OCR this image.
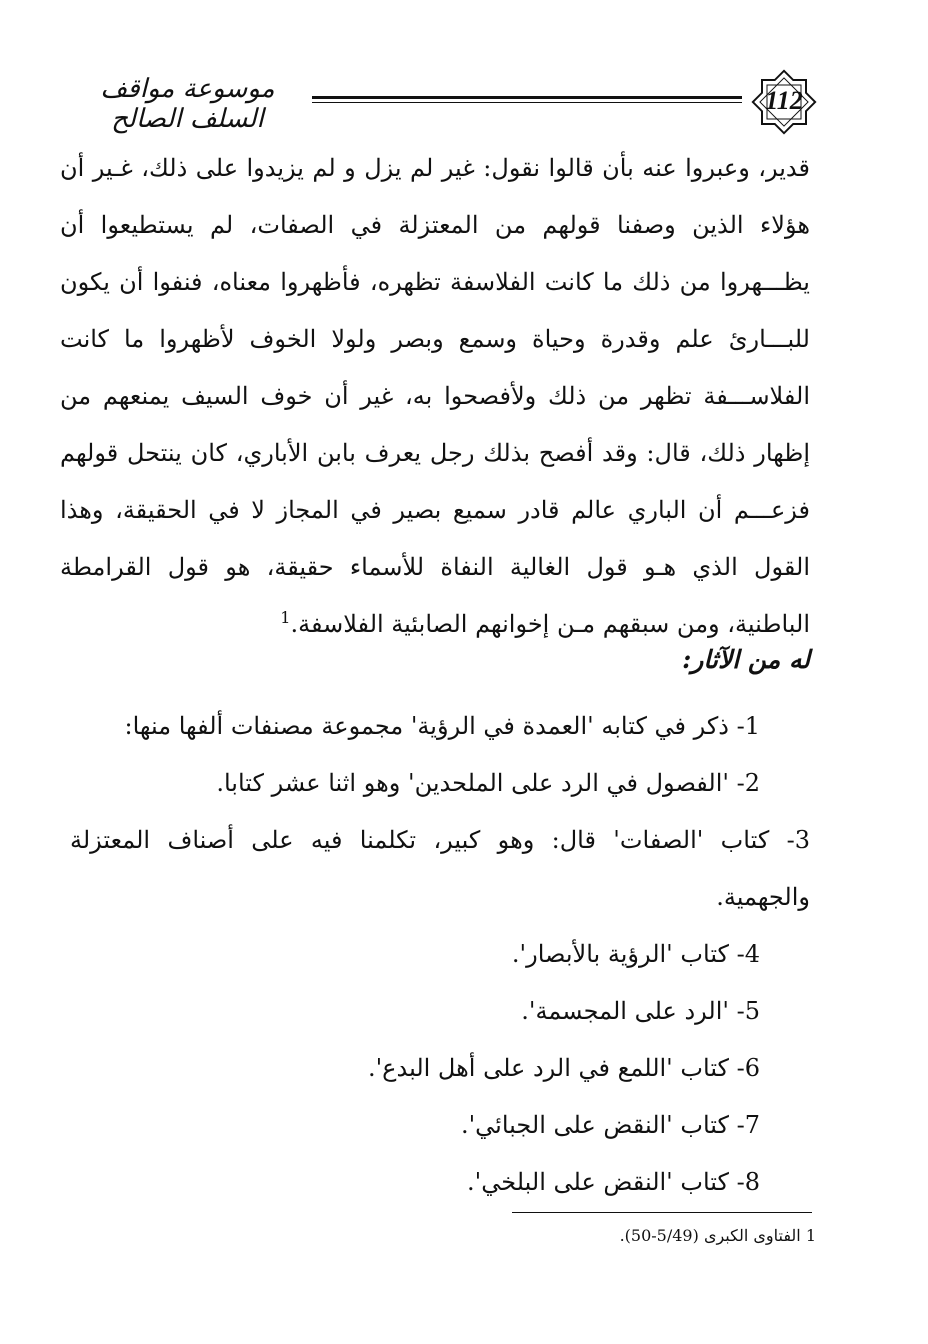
موسوعة مواقف السلف الصالح
112

قدير، وعبروا عنه بأن قالوا نقول: غير لم يزل و لم يزيدوا على ذلك، غـير أن هؤلاء الذين وصفنا قولهم من المعتزلة في الصفات، لم يستطيعوا أن يظـــهروا من ذلك ما كانت الفلاسفة تظهره، فأظهروا معناه، فنفوا أن يكون للبـــارئ علم وقدرة وحياة وسمع وبصر ولولا الخوف لأظهروا ما كانت الفلاســـفة تظهر من ذلك ولأفصحوا به، غير أن خوف السيف يمنعهم من إظهار ذلك، قال: وقد أفصح بذلك رجل يعرف بابن الأباري، كان ينتحل قولهم فزعـــم أن الباري عالم قادر سميع بصير في المجاز لا في الحقيقة، وهذا القول الذي هـو قول الغالية النفاة للأسماء حقيقة، هو قول القرامطة الباطنية، ومن سبقهم مـن إخوانهم الصابئية الفلاسفة.$^1$

له من الآثار:

1- ذكر في كتابه 'العمدة في الرؤية' مجموعة مصنفات ألفها منها:

2- 'الفصول في الرد على الملحدين' وهو اثنا عشر كتابا.

3- كتاب 'الصفات' قال: وهو كبير، تكلمنا فيه على أصناف المعتزلة والجهمية.

4- كتاب 'الرؤية بالأبصار'.

5- 'الرد على المجسمة'.

6- كتاب 'اللمع في الرد على أهل البدع'.

7- كتاب 'النقض على الجبائي'.

8- كتاب 'النقض على البلخي'.

1 الفتاوى الكبرى (5/49-50).
